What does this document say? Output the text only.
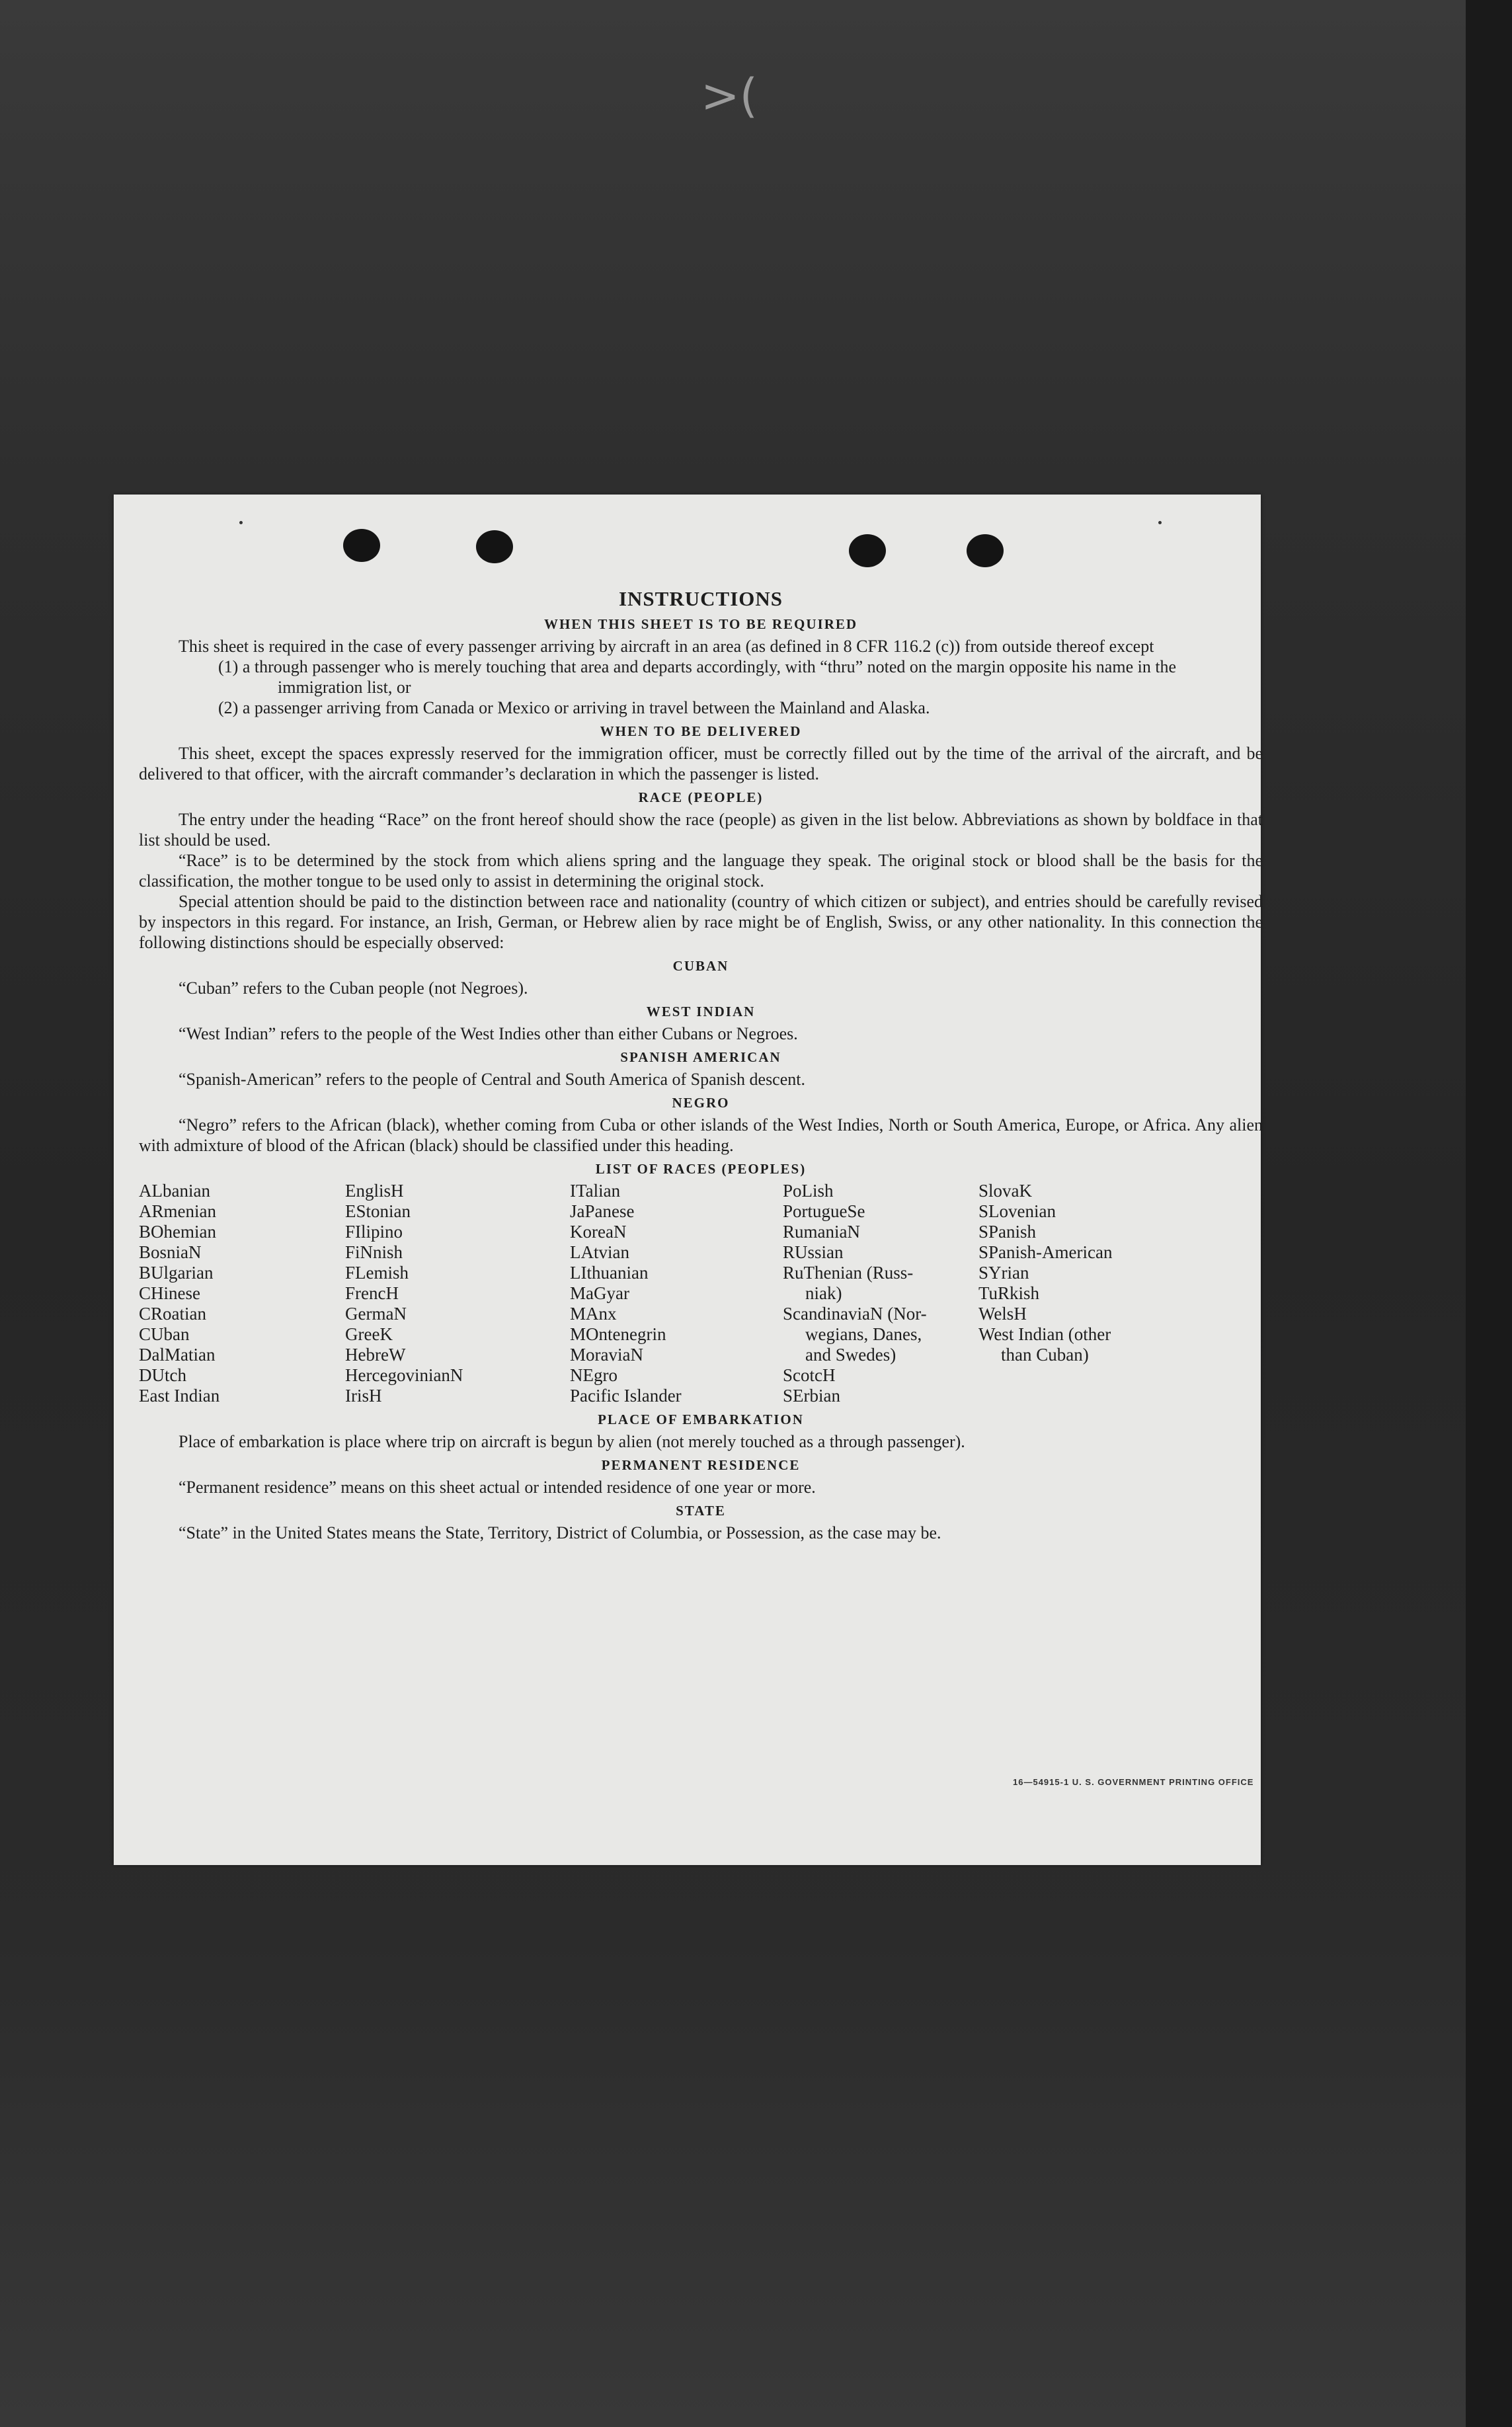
>(
INSTRUCTIONS
WHEN THIS SHEET IS TO BE REQUIRED

This sheet is required in the case of every passenger arriving by aircraft in an area (as defined in 8 CFR 116.2 (c)) from outside thereof except

(1) a through passenger who is merely touching that area and departs accordingly, with “thru” noted on the margin opposite his name in the immigration list, or

(2) a passenger arriving from Canada or Mexico or arriving in travel between the Mainland and Alaska.

WHEN TO BE DELIVERED

This sheet, except the spaces expressly reserved for the immigration officer, must be correctly filled out by the time of the arrival of the aircraft, and be delivered to that officer, with the aircraft commander’s declaration in which the passenger is listed.

RACE (PEOPLE)

The entry under the heading “Race” on the front hereof should show the race (people) as given in the list below. Abbreviations as shown by boldface in that list should be used.

“Race” is to be determined by the stock from which aliens spring and the language they speak. The original stock or blood shall be the basis for the classification, the mother tongue to be used only to assist in determining the original stock.

Special attention should be paid to the distinction between race and nationality (country of which citizen or subject), and entries should be carefully revised by inspectors in this regard. For instance, an Irish, German, or Hebrew alien by race might be of English, Swiss, or any other nationality. In this connection the following distinctions should be especially observed:

CUBAN

“Cuban” refers to the Cuban people (not Negroes).

WEST INDIAN

“West Indian” refers to the people of the West Indies other than either Cubans or Negroes.

SPANISH AMERICAN

“Spanish-American” refers to the people of Central and South America of Spanish descent.

NEGRO

“Negro” refers to the African (black), whether coming from Cuba or other islands of the West Indies, North or South America, Europe, or Africa. Any alien with admixture of blood of the African (black) should be classified under this heading.

LIST OF RACES (PEOPLES)
ALbanian
ARmenian
BOhemian
BosniaN
BUlgarian
CHinese
CRoatian
CUban
DalMatian
DUtch
East Indian
EnglisH
EStonian
FIlipino
FiNnish
FLemish
FrencH
GermaN
GreeK
HebreW
HercegovinianN
IrisH
ITalian
JaPanese
KoreaN
LAtvian
LIthuanian
MaGyar
MAnx
MOntenegrin
MoraviaN
NEgro
Pacific Islander
PoLish
PortugueSe
RumaniaN
RUssian
RuThenian (Russ-
niak)
ScandinaviaN (Nor-
wegians, Danes,
and Swedes)
ScotcH
SErbian
SlovaK
SLovenian
SPanish
SPanish-American
SYrian
TuRkish
WelsH
West Indian (other
than Cuban)
PLACE OF EMBARKATION

Place of embarkation is place where trip on aircraft is begun by alien (not merely touched as a through passenger).

PERMANENT RESIDENCE

“Permanent residence” means on this sheet actual or intended residence of one year or more.

STATE

“State” in the United States means the State, Territory, District of Columbia, or Possession, as the case may be.

16—54915-1 U. S. GOVERNMENT PRINTING OFFICE
